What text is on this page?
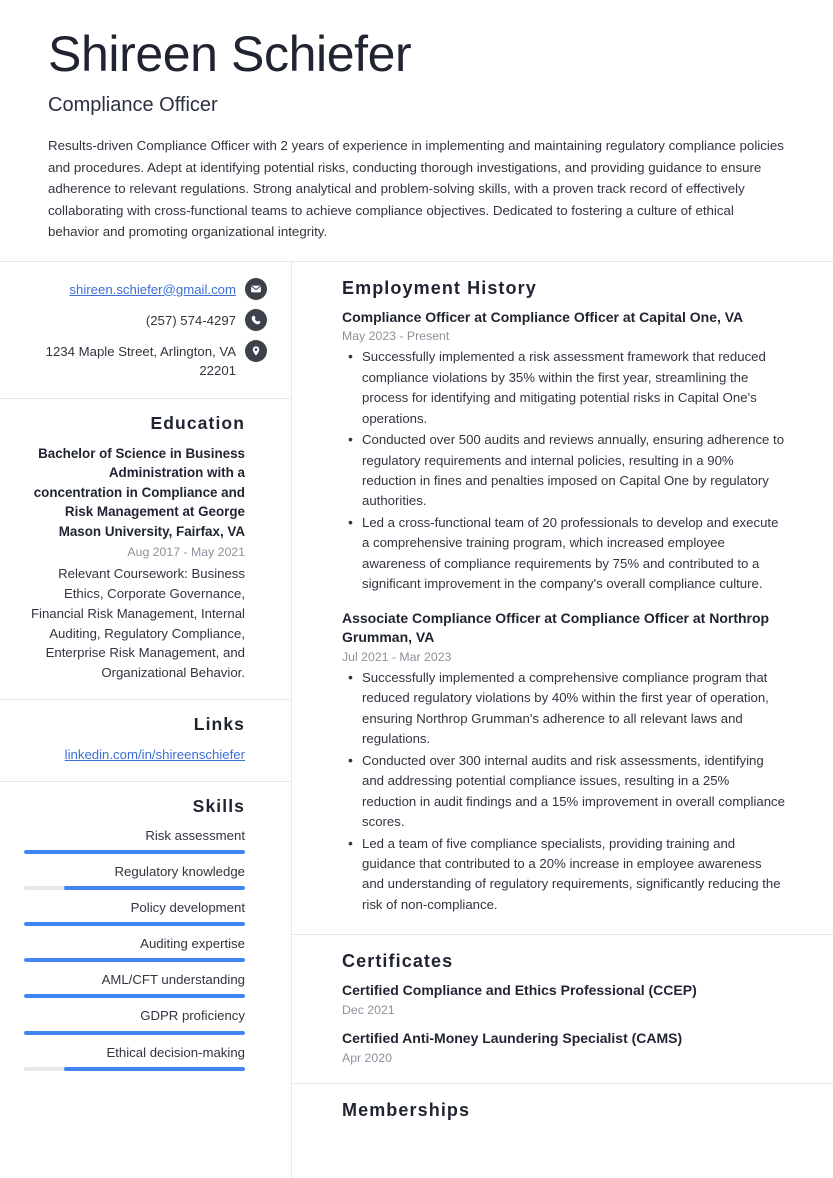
Shireen Schiefer
Compliance Officer
Results-driven Compliance Officer with 2 years of experience in implementing and maintaining regulatory compliance policies and procedures. Adept at identifying potential risks, conducting thorough investigations, and providing guidance to ensure adherence to relevant regulations. Strong analytical and problem-solving skills, with a proven track record of effectively collaborating with cross-functional teams to achieve compliance objectives. Dedicated to fostering a culture of ethical behavior and promoting organizational integrity.
shireen.schiefer@gmail.com
(257) 574-4297
1234 Maple Street, Arlington, VA 22201
Education
Bachelor of Science in Business Administration with a concentration in Compliance and Risk Management at George Mason University, Fairfax, VA
Aug 2017 - May 2021
Relevant Coursework: Business Ethics, Corporate Governance, Financial Risk Management, Internal Auditing, Regulatory Compliance, Enterprise Risk Management, and Organizational Behavior.
Links
linkedin.com/in/shireenschiefer
Skills
Risk assessment
Regulatory knowledge
Policy development
Auditing expertise
AML/CFT understanding
GDPR proficiency
Ethical decision-making
Employment History
Compliance Officer at Compliance Officer at Capital One, VA
May 2023 - Present
• Successfully implemented a risk assessment framework that reduced compliance violations by 35% within the first year, streamlining the process for identifying and mitigating potential risks in Capital One's operations.
• Conducted over 500 audits and reviews annually, ensuring adherence to regulatory requirements and internal policies, resulting in a 90% reduction in fines and penalties imposed on Capital One by regulatory authorities.
• Led a cross-functional team of 20 professionals to develop and execute a comprehensive training program, which increased employee awareness of compliance requirements by 75% and contributed to a significant improvement in the company's overall compliance culture.
Associate Compliance Officer at Compliance Officer at Northrop Grumman, VA
Jul 2021 - Mar 2023
• Successfully implemented a comprehensive compliance program that reduced regulatory violations by 40% within the first year of operation, ensuring Northrop Grumman's adherence to all relevant laws and regulations.
• Conducted over 300 internal audits and risk assessments, identifying and addressing potential compliance issues, resulting in a 25% reduction in audit findings and a 15% improvement in overall compliance scores.
• Led a team of five compliance specialists, providing training and guidance that contributed to a 20% increase in employee awareness and understanding of regulatory requirements, significantly reducing the risk of non-compliance.
Certificates
Certified Compliance and Ethics Professional (CCEP)
Dec 2021
Certified Anti-Money Laundering Specialist (CAMS)
Apr 2020
Memberships
